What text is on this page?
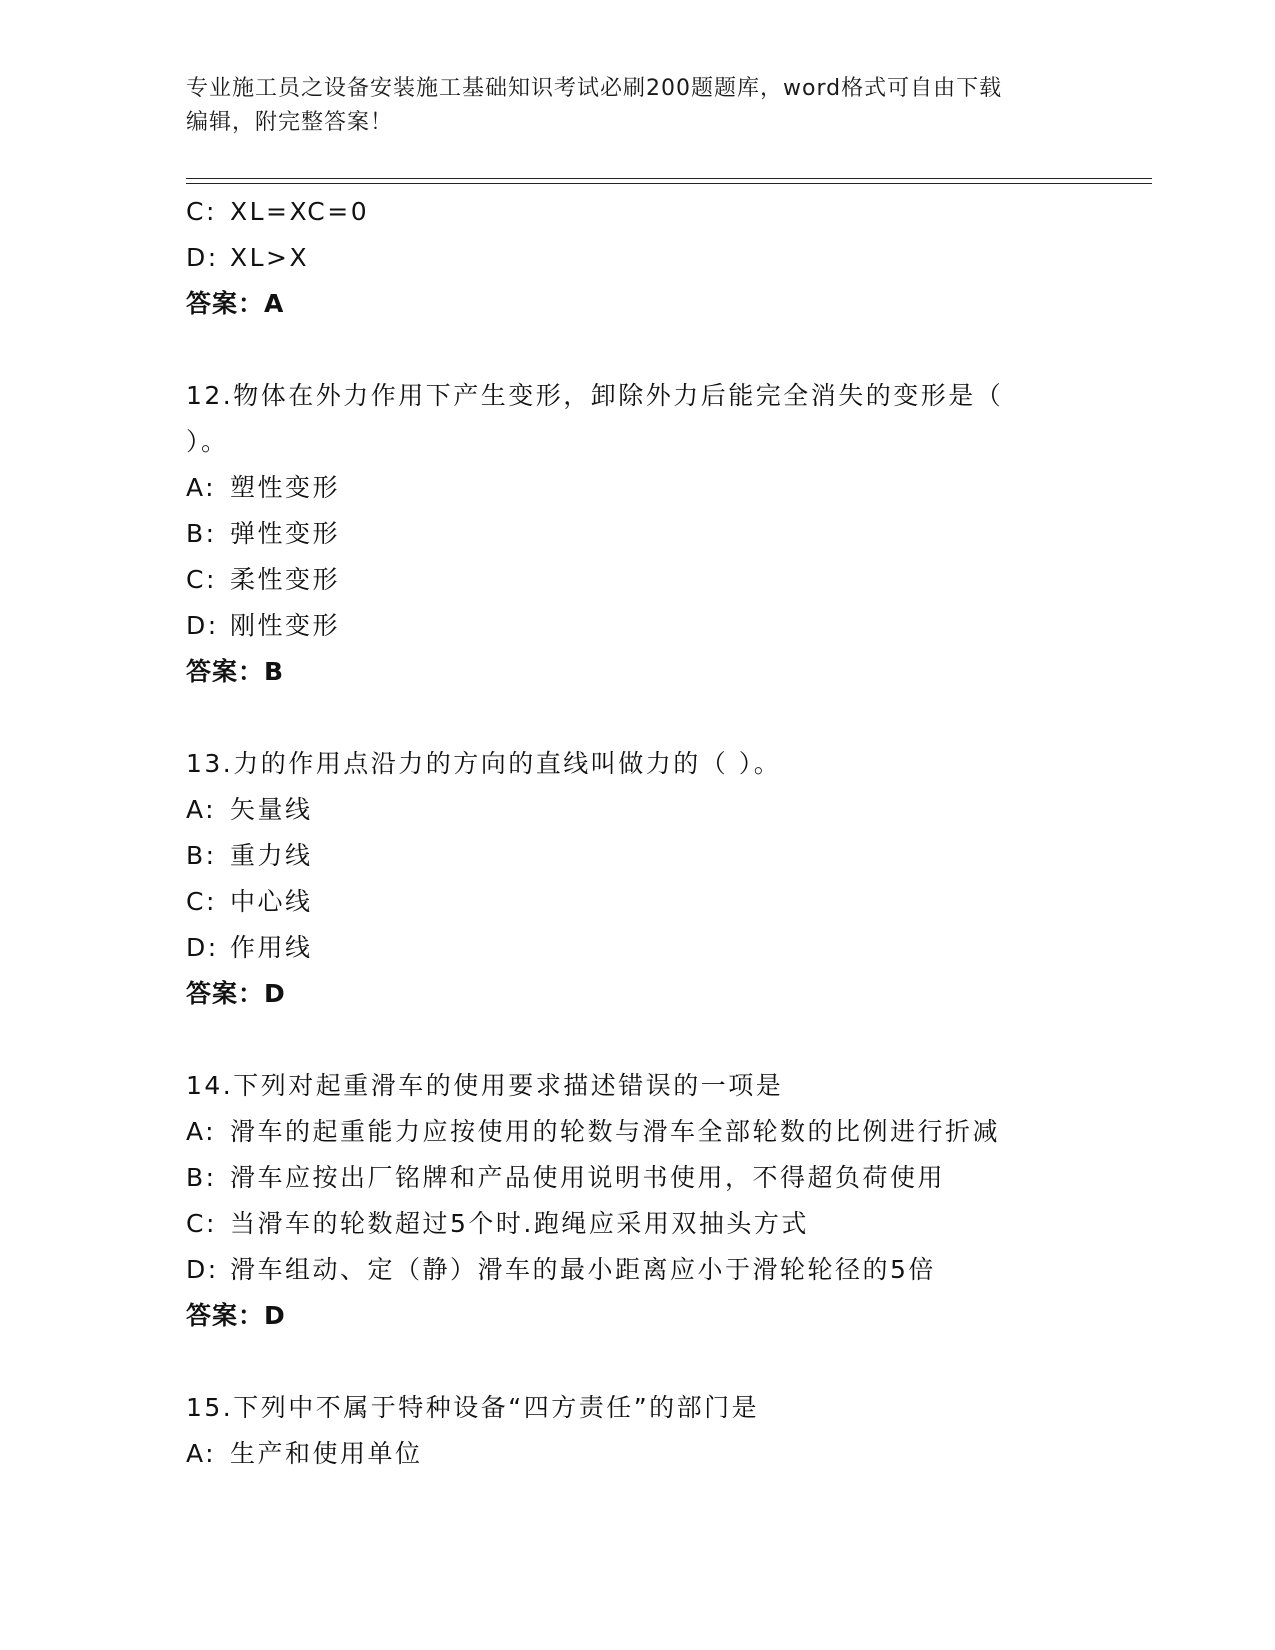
专业施工员之设备安装施工基础知识考试必刷200题题库，word格式可自由下载
编辑，附完整答案！
C: XL=XC=0
D: XL>X
答案：A
12.物体在外力作用下产生变形，卸除外力后能完全消失的变形是（
）。
A: 塑性变形
B: 弹性变形
C: 柔性变形
D: 刚性变形
答案：B
13.力的作用点沿力的方向的直线叫做力的（ ）。
A: 矢量线
B: 重力线
C: 中心线
D: 作用线
答案：D
14.下列对起重滑车的使用要求描述错误的一项是
A: 滑车的起重能力应按使用的轮数与滑车全部轮数的比例进行折减
B: 滑车应按出厂铭牌和产品使用说明书使用，不得超负荷使用
C: 当滑车的轮数超过5个时.跑绳应采用双抽头方式
D: 滑车组动、定（静）滑车的最小距离应小于滑轮轮径的5倍
答案：D
15.下列中不属于特种设备“四方责任”的部门是
A: 生产和使用单位
